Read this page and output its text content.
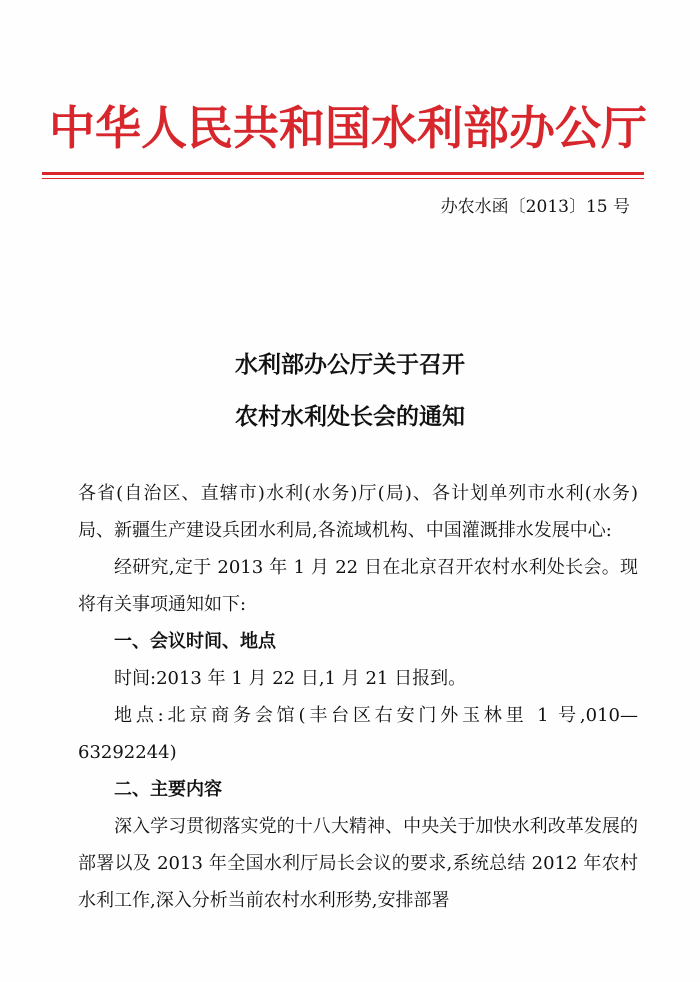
中华人民共和国水利部办公厅
办农水函〔2013〕15 号
水利部办公厅关于召开
农村水利处长会的通知

各省(自治区、直辖市)水利(水务)厅(局)、各计划单列市水利(水务)局、新疆生产建设兵团水利局,各流域机构、中国灌溉排水发展中心:

经研究,定于 2013 年 1 月 22 日在北京召开农村水利处长会。现将有关事项通知如下:

一、会议时间、地点

时间:2013 年 1 月 22 日,1 月 21 日报到。

地点:北京商务会馆(丰台区右安门外玉林里 1 号,010—63292244)

二、主要内容

深入学习贯彻落实党的十八大精神、中央关于加快水利改革发展的部署以及 2013 年全国水利厅局长会议的要求,系统总结 2012 年农村水利工作,深入分析当前农村水利形势,安排部署
